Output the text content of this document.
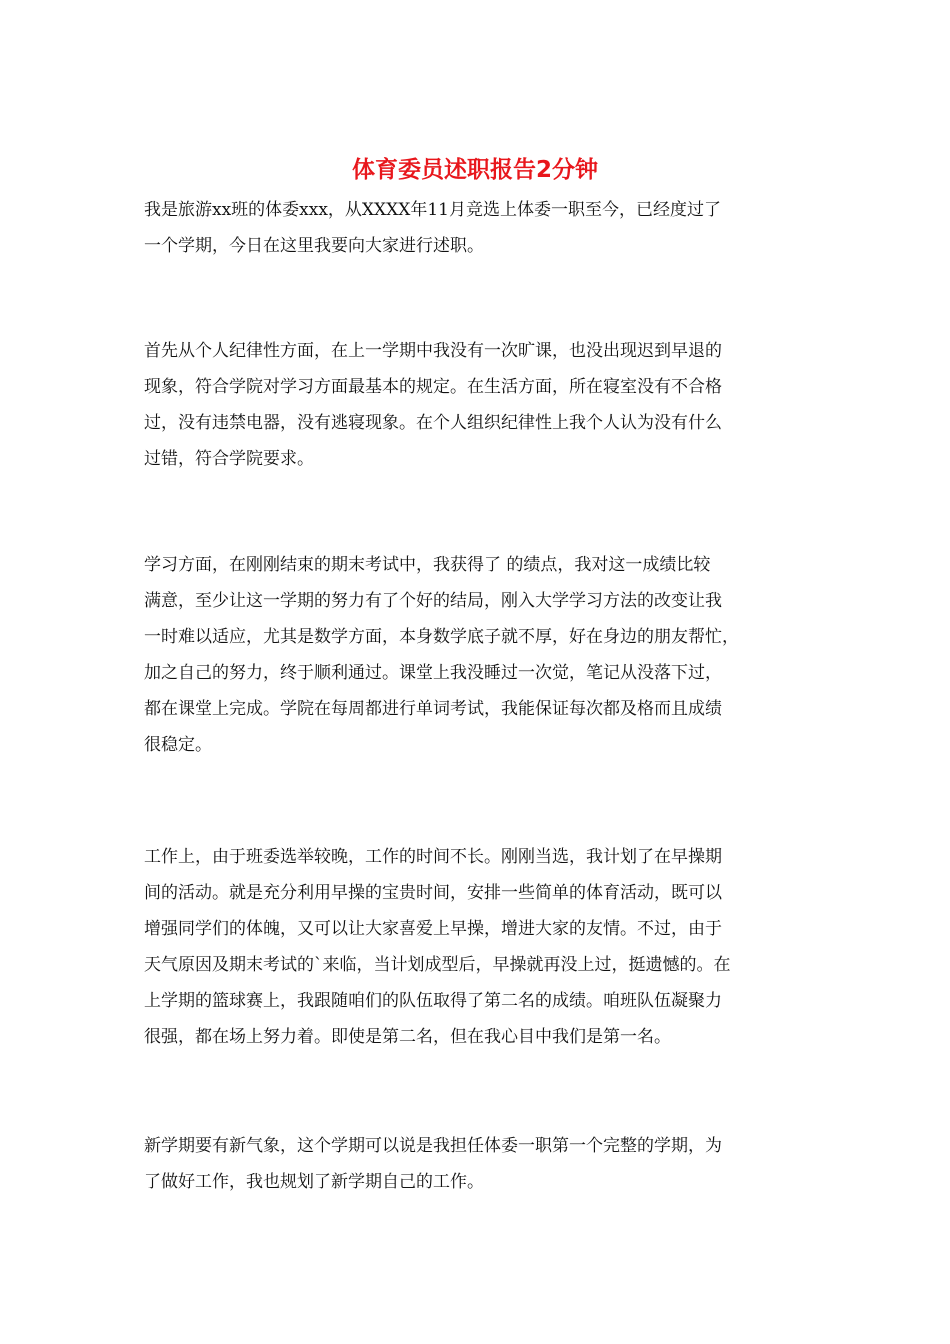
体育委员述职报告2分钟
我是旅游xx班的体委xxx，从XXXX年11月竞选上体委一职至今，已经度过了
一个学期，今日在这里我要向大家进行述职。
首先从个人纪律性方面，在上一学期中我没有一次旷课，也没出现迟到早退的
现象，符合学院对学习方面最基本的规定。在生活方面，所在寝室没有不合格
过，没有违禁电器，没有逃寝现象。在个人组织纪律性上我个人认为没有什么
过错，符合学院要求。
学习方面，在刚刚结束的期末考试中，我获得了 的绩点，我对这一成绩比较
满意，至少让这一学期的努力有了个好的结局，刚入大学学习方法的改变让我
一时难以适应，尤其是数学方面，本身数学底子就不厚，好在身边的朋友帮忙，
加之自己的努力，终于顺利通过。课堂上我没睡过一次觉，笔记从没落下过，
都在课堂上完成。学院在每周都进行单词考试，我能保证每次都及格而且成绩
很稳定。
工作上，由于班委选举较晚，工作的时间不长。刚刚当选，我计划了在早操期
间的活动。就是充分利用早操的宝贵时间，安排一些简单的体育活动，既可以
增强同学们的体魄，又可以让大家喜爱上早操，增进大家的友情。不过，由于
天气原因及期末考试的`来临，当计划成型后，早操就再没上过，挺遗憾的。在
上学期的篮球赛上，我跟随咱们的队伍取得了第二名的成绩。咱班队伍凝聚力
很强，都在场上努力着。即使是第二名，但在我心目中我们是第一名。
新学期要有新气象，这个学期可以说是我担任体委一职第一个完整的学期，为
了做好工作，我也规划了新学期自己的工作。
